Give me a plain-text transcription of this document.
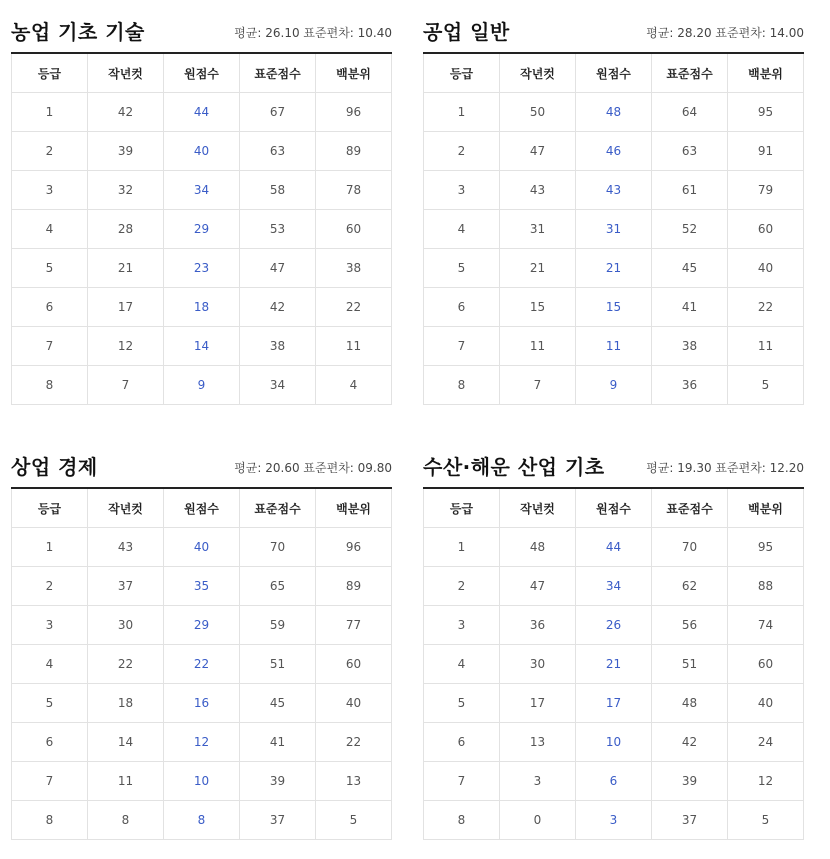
농업 기초 기술	평균: 26.10 표준편차: 10.40
등급	작년컷	원점수	표준점수	백분위
1	42	44	67	96
2	39	40	63	89
3	32	34	58	78
4	28	29	53	60
5	21	23	47	38
6	17	18	42	22
7	12	14	38	11
8	7	9	34	4
공업 일반	평균: 28.20 표준편차: 14.00
등급	작년컷	원점수	표준점수	백분위
1	50	48	64	95
2	47	46	63	91
3	43	43	61	79
4	31	31	52	60
5	21	21	45	40
6	15	15	41	22
7	11	11	38	11
8	7	9	36	5
상업 경제	평균: 20.60 표준편차: 09.80
등급	작년컷	원점수	표준점수	백분위
1	43	40	70	96
2	37	35	65	89
3	30	29	59	77
4	22	22	51	60
5	18	16	45	40
6	14	12	41	22
7	11	10	39	13
8	8	8	37	5
수산·해운 산업 기초	평균: 19.30 표준편차: 12.20
등급	작년컷	원점수	표준점수	백분위
1	48	44	70	95
2	47	34	62	88
3	36	26	56	74
4	30	21	51	60
5	17	17	48	40
6	13	10	42	24
7	3	6	39	12
8	0	3	37	5
